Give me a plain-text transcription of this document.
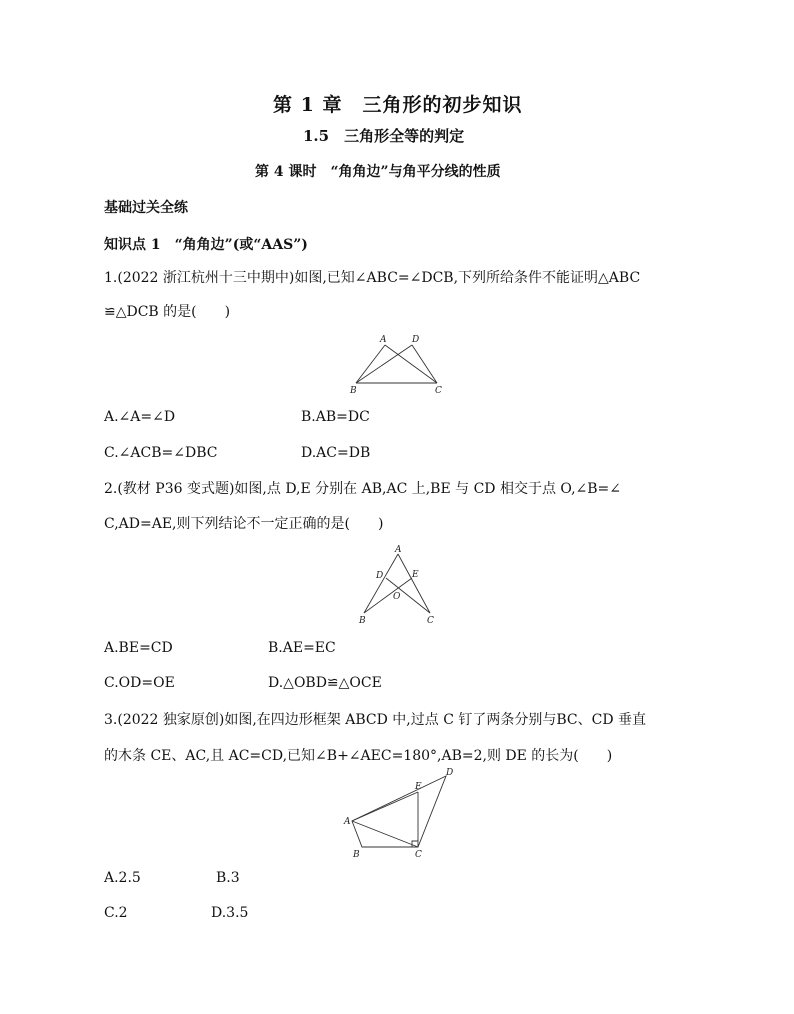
第 1 章　三角形的初步知识
1.5　三角形全等的判定
第 4 课时　“角角边”与角平分线的性质
基础过关全练
知识点 1　“角角边”(或“AAS”)
1.(2022 浙江杭州十三中期中)如图,已知∠ABC=∠DCB,下列所给条件不能证明△ABC
≌△DCB 的是(　　)
A	D
B	C
A.∠A=∠D	B.AB=DC
C.∠ACB=∠DBC	D.AC=DB
2.(教材 P36 变式题)如图,点 D,E 分别在 AB,AC 上,BE 与 CD 相交于点 O,∠B=∠
C,AD=AE,则下列结论不一定正确的是(　　)
A
D	E
O
B	C
A.BE=CD	B.AE=EC
C.OD=OE	D.△OBD≌△OCE
3.(2022 独家原创)如图,在四边形框架 ABCD 中,过点 C 钉了两条分别与BC、CD 垂直
的木条 CE、AC,且 AC=CD,已知∠B+∠AEC=180°,AB=2,则 DE 的长为(　　)
A
B	C
D
E
A.2.5	B.3
C.2	D.3.5
